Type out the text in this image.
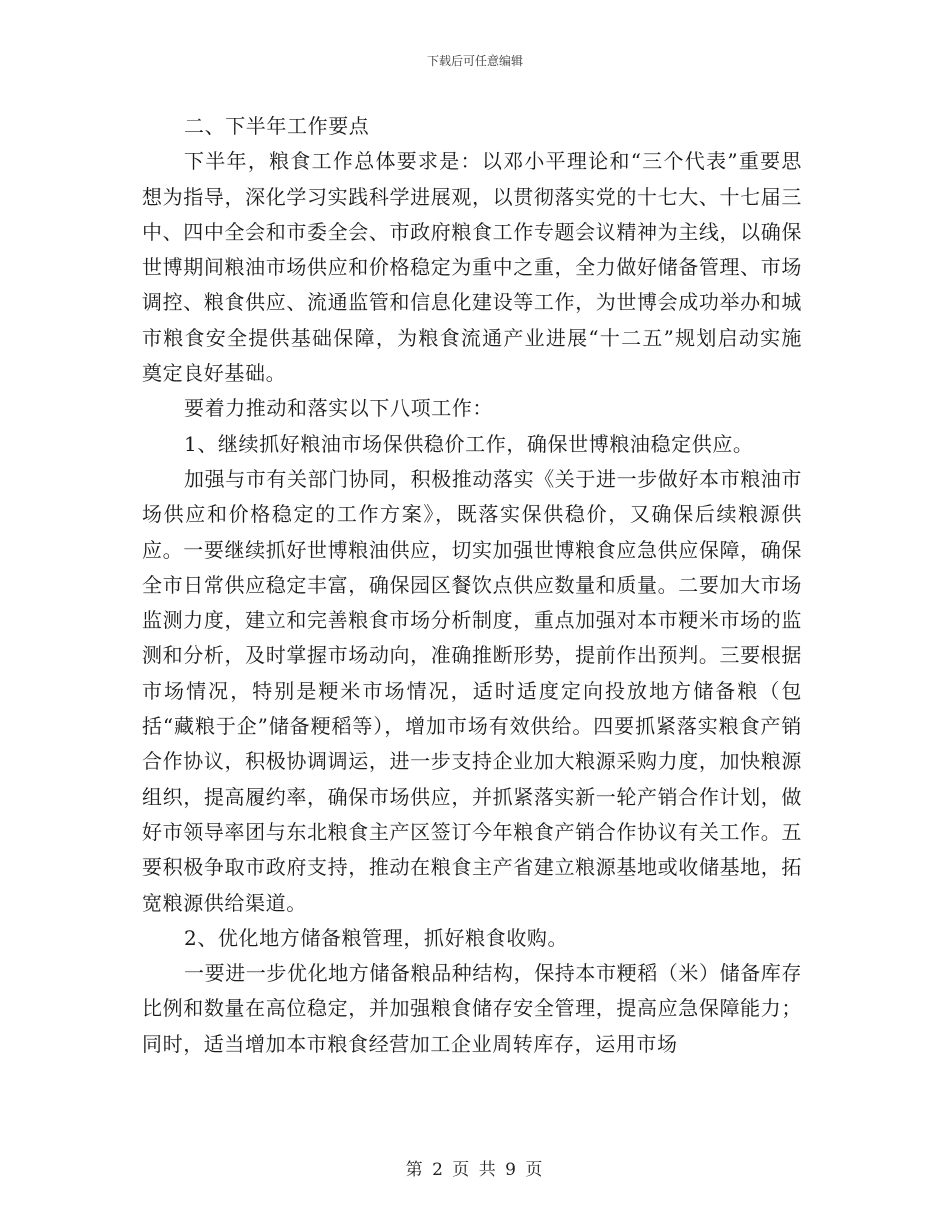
下载后可任意编辑

二、下半年工作要点

下半年，粮食工作总体要求是：以邓小平理论和“三个代表”重要思想为指导，深化学习实践科学进展观，以贯彻落实党的十七大、十七届三中、四中全会和市委全会、市政府粮食工作专题会议精神为主线，以确保世博期间粮油市场供应和价格稳定为重中之重，全力做好储备管理、市场调控、粮食供应、流通监管和信息化建设等工作，为世博会成功举办和城市粮食安全提供基础保障，为粮食流通产业进展“十二五”规划启动实施奠定良好基础。

要着力推动和落实以下八项工作：

1、继续抓好粮油市场保供稳价工作，确保世博粮油稳定供应。

加强与市有关部门协同，积极推动落实《关于进一步做好本市粮油市场供应和价格稳定的工作方案》，既落实保供稳价，又确保后续粮源供应。一要继续抓好世博粮油供应，切实加强世博粮食应急供应保障，确保全市日常供应稳定丰富，确保园区餐饮点供应数量和质量。二要加大市场监测力度，建立和完善粮食市场分析制度，重点加强对本市粳米市场的监测和分析，及时掌握市场动向，准确推断形势，提前作出预判。三要根据市场情况，特别是粳米市场情况，适时适度定向投放地方储备粮（包括“藏粮于企”储备粳稻等），增加市场有效供给。四要抓紧落实粮食产销合作协议，积极协调调运，进一步支持企业加大粮源采购力度，加快粮源组织，提高履约率，确保市场供应，并抓紧落实新一轮产销合作计划，做好市领导率团与东北粮食主产区签订今年粮食产销合作协议有关工作。五要积极争取市政府支持，推动在粮食主产省建立粮源基地或收储基地，拓宽粮源供给渠道。

2、优化地方储备粮管理，抓好粮食收购。

一要进一步优化地方储备粮品种结构，保持本市粳稻（米）储备库存比例和数量在高位稳定，并加强粮食储存安全管理，提高应急保障能力；同时，适当增加本市粮食经营加工企业周转库存，运用市场

第 2 页 共 9 页
